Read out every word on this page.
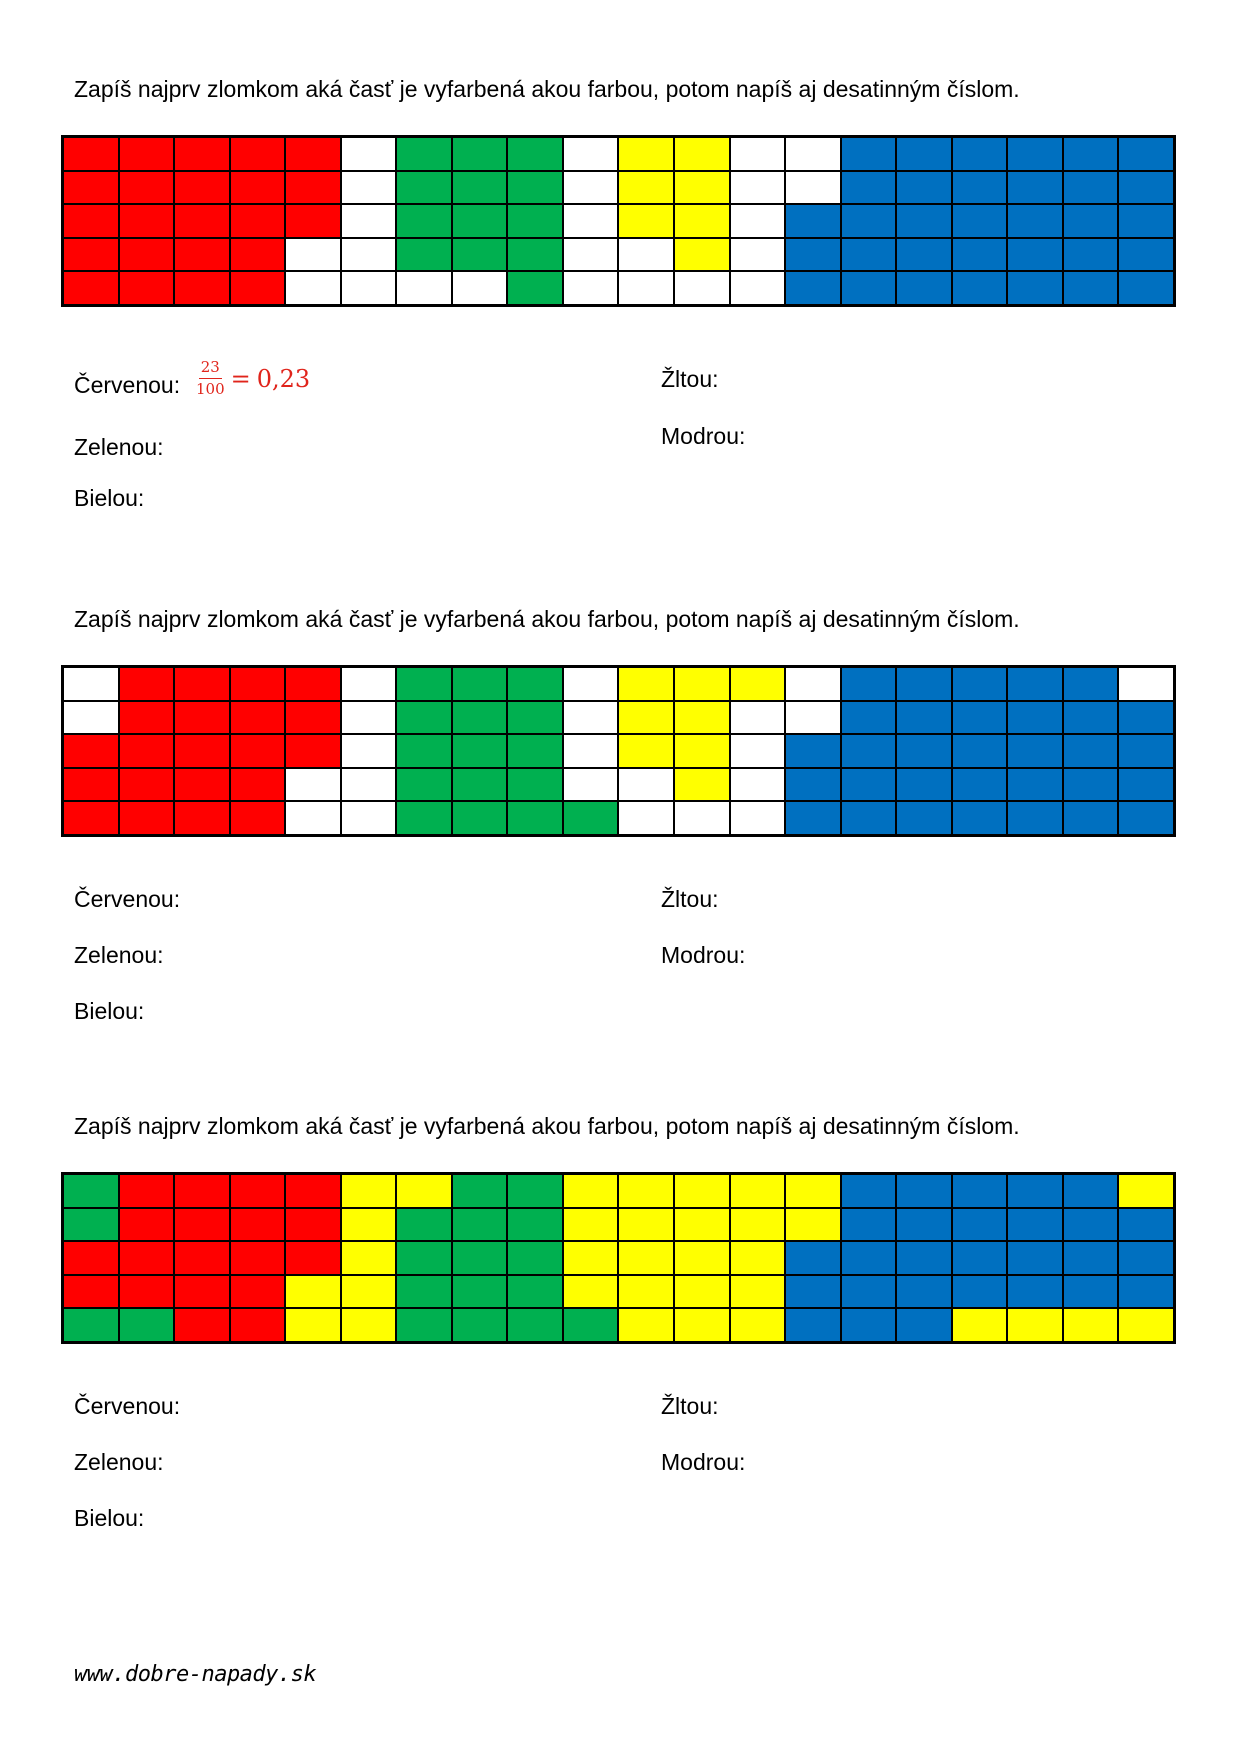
Zapíš najprv zlomkom aká časť je vyfarbená akou farbou, potom napíš aj desatinným číslom.

Červenou: $\frac{23}{100} = 0,23$
Zelenou:
Bielou:
Žltou:
Modrou:

Zapíš najprv zlomkom aká časť je vyfarbená akou farbou, potom napíš aj desatinným číslom.

Červenou:
Zelenou:
Bielou:
Žltou:
Modrou:

Zapíš najprv zlomkom aká časť je vyfarbená akou farbou, potom napíš aj desatinným číslom.

Červenou:
Zelenou:
Bielou:
Žltou:
Modrou:
www.dobre-napady.sk
